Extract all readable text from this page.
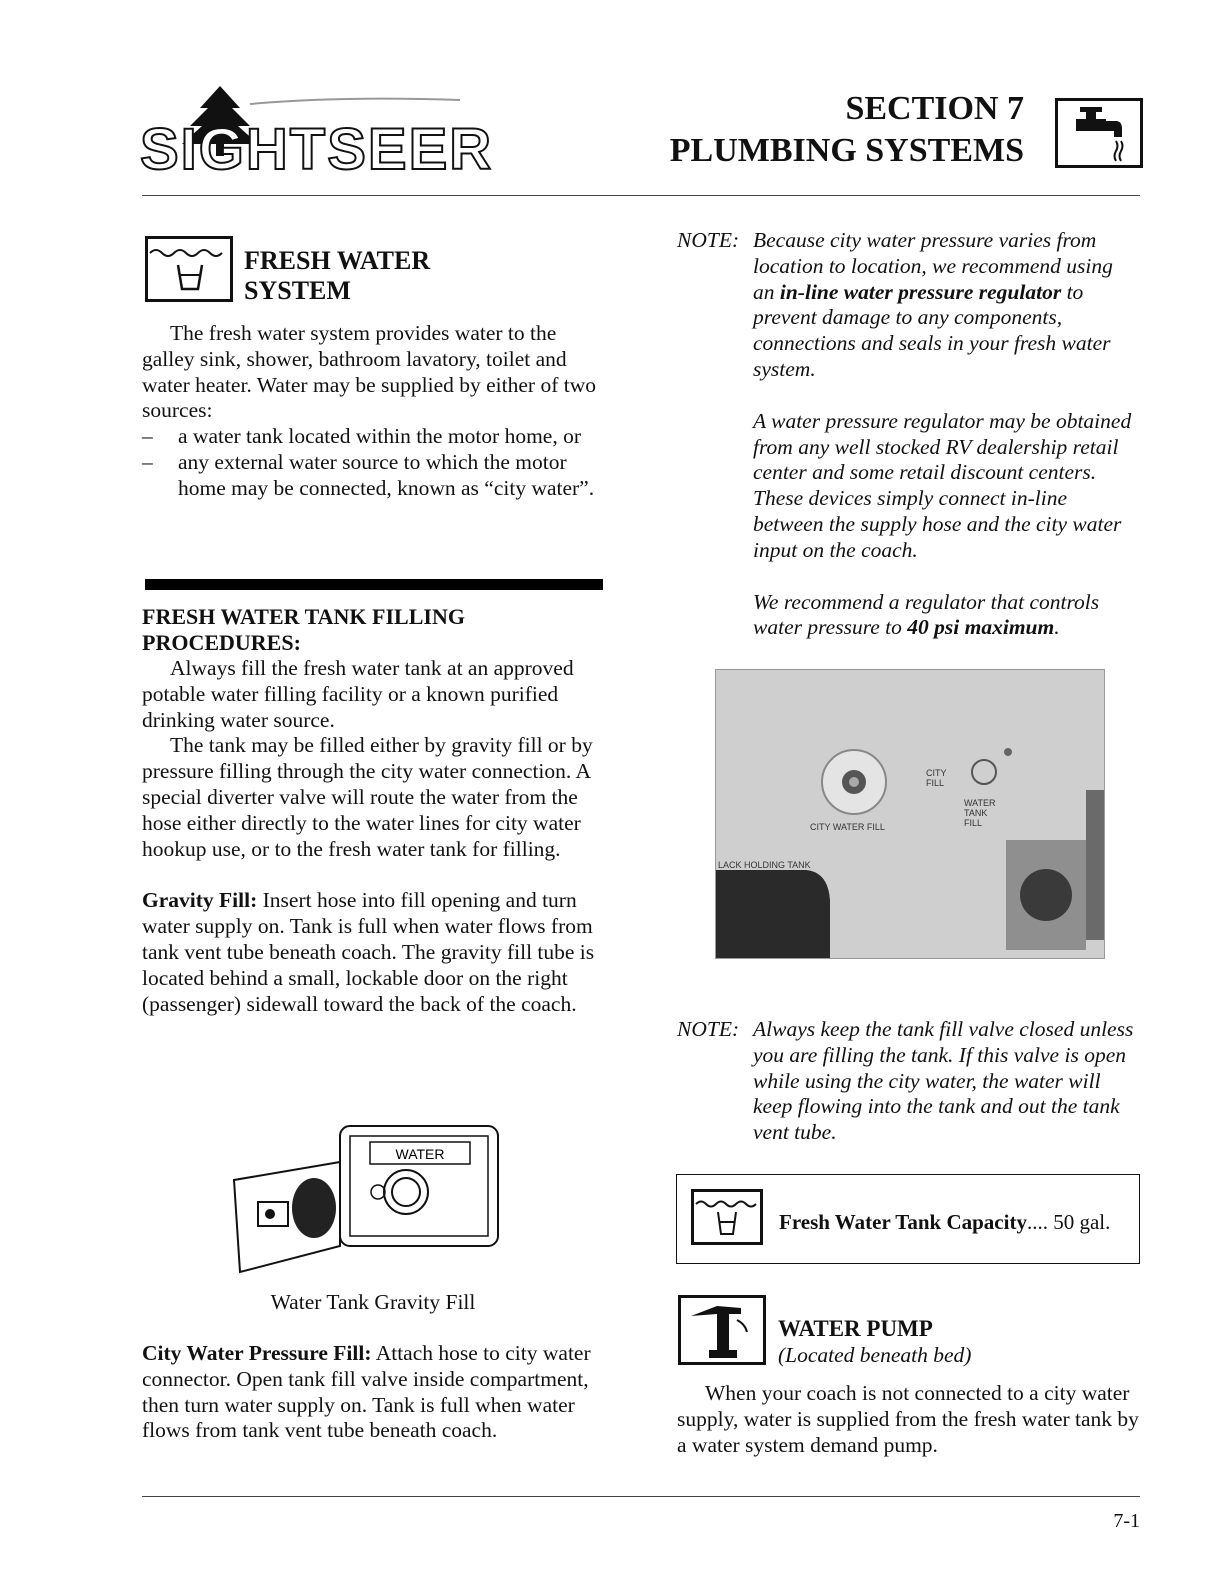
SIGHTSEER
SECTION 7
PLUMBING SYSTEMS
FRESH WATER
SYSTEM

The fresh water system provides water to the galley sink, shower, bathroom lavatory, toilet and water heater. Water may be supplied by either of two sources:

– a water tank located within the motor home, or
– any external water source to which the motor home may be connected, known as “city water”.
FRESH WATER TANK FILLING PROCEDURES:

Always fill the fresh water tank at an approved potable water filling facility or a known purified drinking water source.

The tank may be filled either by gravity fill or by pressure filling through the city water connection. A special diverter valve will route the water from the hose either directly to the water lines for city water hookup use, or to the fresh water tank for filling.

Gravity Fill: Insert hose into fill opening and turn water supply on. Tank is full when water flows from tank vent tube beneath coach. The gravity fill tube is located behind a small, lockable door on the right (passenger) sidewall toward the back of the coach.

WATER
Water Tank Gravity Fill
City Water Pressure Fill: Attach hose to city water connector. Open tank fill valve inside compartment, then turn water supply on. Tank is full when water flows from tank vent tube beneath coach.
NOTE: Because city water pressure varies from location to location, we recommend using an in-line water pressure regulator to prevent damage to any components, connections and seals in your fresh water system.

A water pressure regulator may be obtained from any well stocked RV dealership retail center and some retail discount centers. These devices simply connect in-line between the supply hose and the city water input on the coach.

We recommend a regulator that controls water pressure to 40 psi maximum.

CITY WATER FILL
CITY FILL
WATER TANK FILL
LACK HOLDING TANK
NOTE: Always keep the tank fill valve closed unless you are filling the tank. If this valve is open while using the city water, the water will keep flowing into the tank and out the tank vent tube.
Fresh Water Tank Capacity.... 50 gal.
WATER PUMP
(Located beneath bed)

When your coach is not connected to a city water supply, water is supplied from the fresh water tank by a water system demand pump.

7-1
